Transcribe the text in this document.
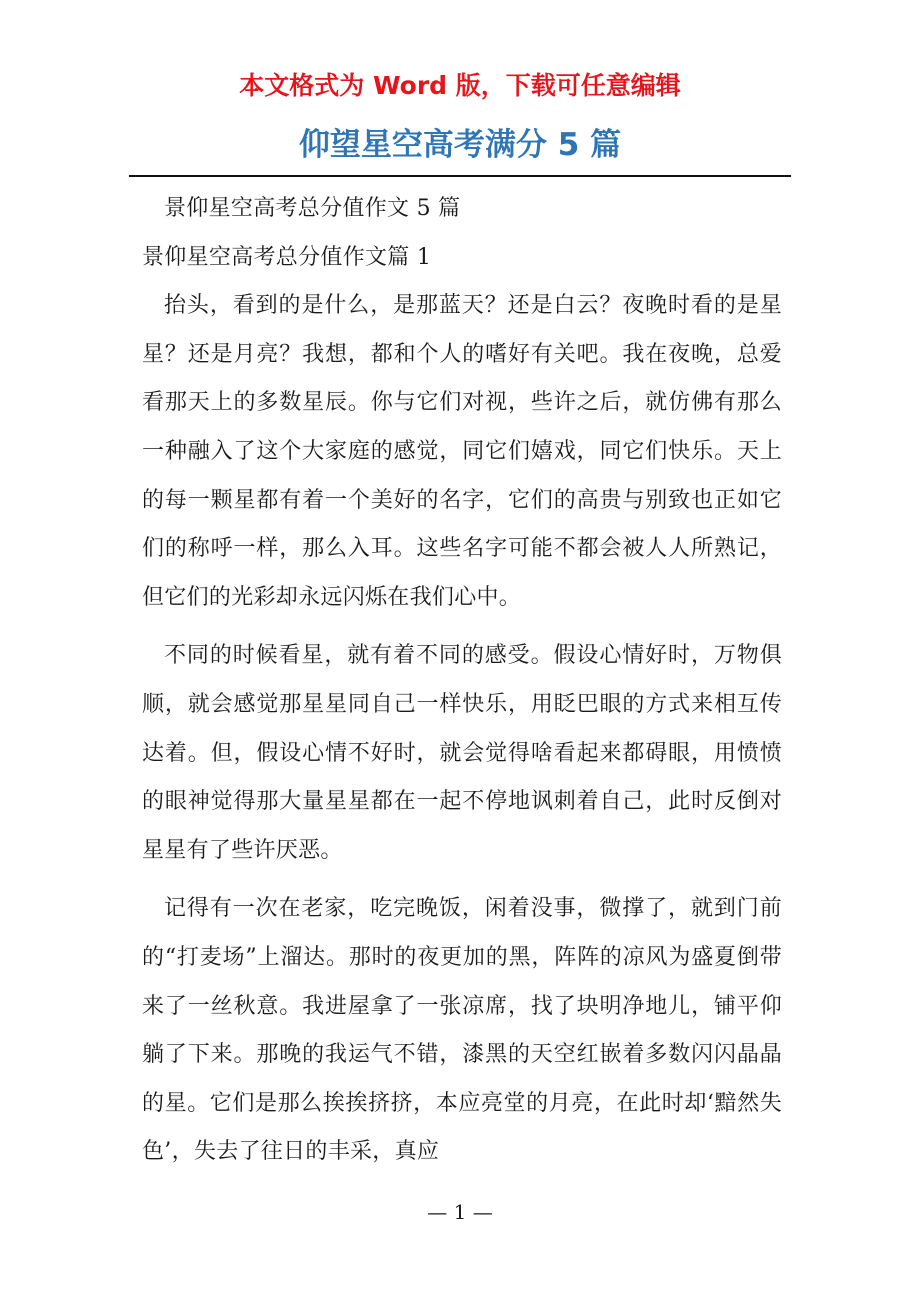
本文格式为 Word 版，下载可任意编辑
仰望星空高考满分 5 篇

景仰星空高考总分值作文 5 篇

景仰星空高考总分值作文篇 1

抬头，看到的是什么，是那蓝天？还是白云？夜晚时看的是星星？还是月亮？我想，都和个人的嗜好有关吧。我在夜晚，总爱看那天上的多数星辰。你与它们对视，些许之后，就仿佛有那么一种融入了这个大家庭的感觉，同它们嬉戏，同它们快乐。天上的每一颗星都有着一个美好的名字，它们的高贵与别致也正如它们的称呼一样，那么入耳。这些名字可能不都会被人人所熟记，但它们的光彩却永远闪烁在我们心中。

不同的时候看星，就有着不同的感受。假设心情好时，万物俱顺，就会感觉那星星同自己一样快乐，用眨巴眼的方式来相互传达着。但，假设心情不好时，就会觉得啥看起来都碍眼，用愤愤的眼神觉得那大量星星都在一起不停地讽刺着自己，此时反倒对星星有了些许厌恶。

记得有一次在老家，吃完晚饭，闲着没事，微撑了，就到门前的“打麦场”上溜达。那时的夜更加的黑，阵阵的凉风为盛夏倒带来了一丝秋意。我进屋拿了一张凉席，找了块明净地儿，铺平仰躺了下来。那晚的我运气不错，漆黑的天空红嵌着多数闪闪晶晶的星。它们是那么挨挨挤挤，本应亮堂的月亮，在此时却‘黯然失色’，失去了往日的丰采，真应

— 1 —
